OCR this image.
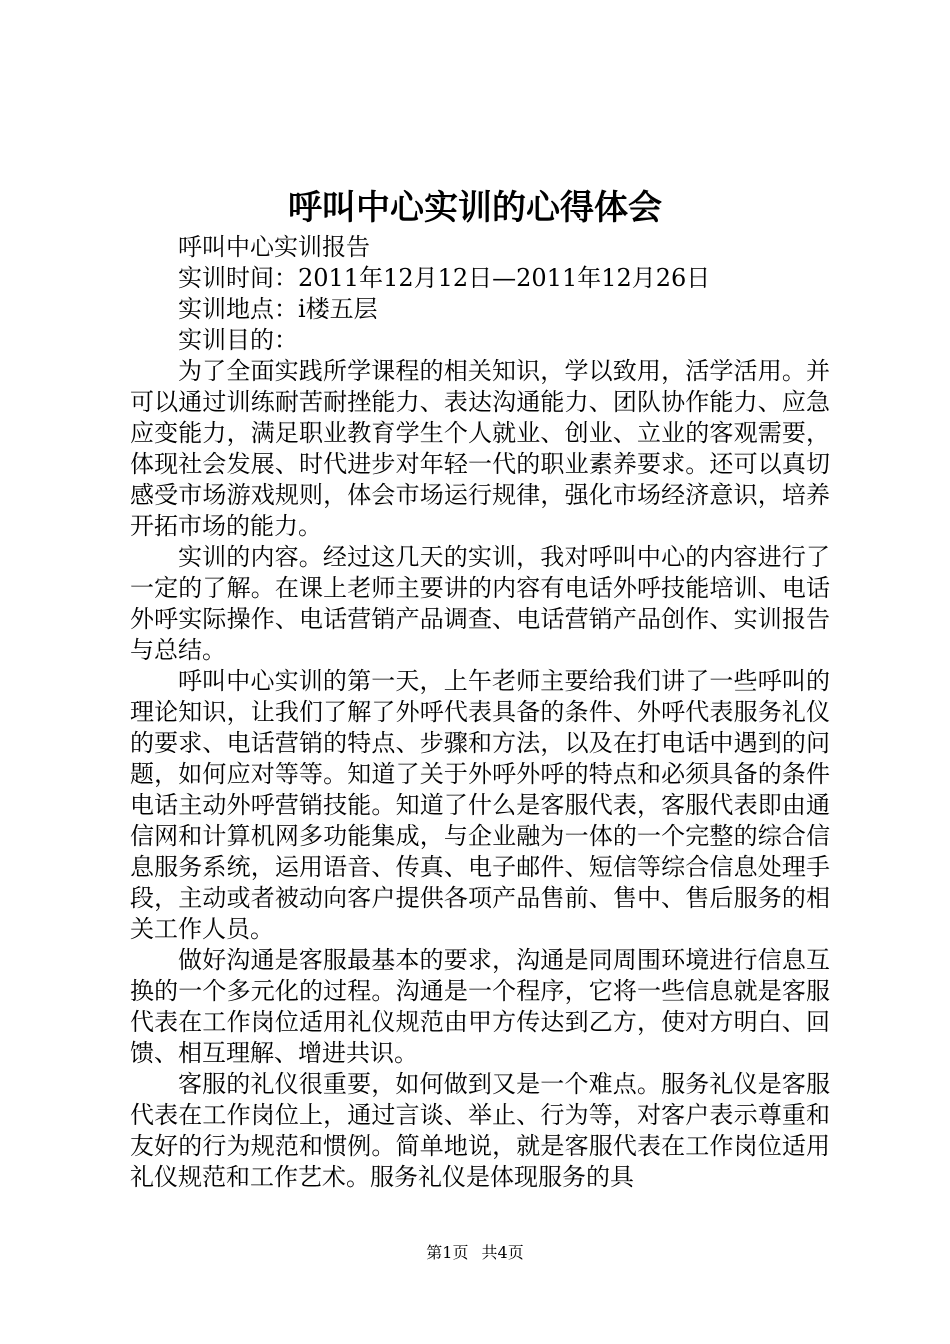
呼叫中心实训的心得体会

呼叫中心实训报告

实训时间：2011年12月12日—2011年12月26日

实训地点：i楼五层

实训目的：

为了全面实践所学课程的相关知识，学以致用，活学活用。并可以通过训练耐苦耐挫能力、表达沟通能力、团队协作能力、应急应变能力，满足职业教育学生个人就业、创业、立业的客观需要，体现社会发展、时代进步对年轻一代的职业素养要求。还可以真切感受市场游戏规则，体会市场运行规律，强化市场经济意识，培养开拓市场的能力。

实训的内容。经过这几天的实训，我对呼叫中心的内容进行了一定的了解。在课上老师主要讲的内容有电话外呼技能培训、电话外呼实际操作、电话营销产品调查、电话营销产品创作、实训报告与总结。

呼叫中心实训的第一天，上午老师主要给我们讲了一些呼叫的理论知识，让我们了解了外呼代表具备的条件、外呼代表服务礼仪的要求、电话营销的特点、步骤和方法，以及在打电话中遇到的问题，如何应对等等。知道了关于外呼外呼的特点和必须具备的条件电话主动外呼营销技能。知道了什么是客服代表，客服代表即由通信网和计算机网多功能集成，与企业融为一体的一个完整的综合信息服务系统，运用语音、传真、电子邮件、短信等综合信息处理手段，主动或者被动向客户提供各项产品售前、售中、售后服务的相关工作人员。

做好沟通是客服最基本的要求，沟通是同周围环境进行信息互换的一个多元化的过程。沟通是一个程序，它将一些信息就是客服代表在工作岗位适用礼仪规范由甲方传达到乙方，使对方明白、回馈、相互理解、增进共识。

客服的礼仪很重要，如何做到又是一个难点。服务礼仪是客服代表在工作岗位上，通过言谈、举止、行为等，对客户表示尊重和友好的行为规范和惯例。简单地说，就是客服代表在工作岗位适用礼仪规范和工作艺术。服务礼仪是体现服务的具

第1页 共4页
